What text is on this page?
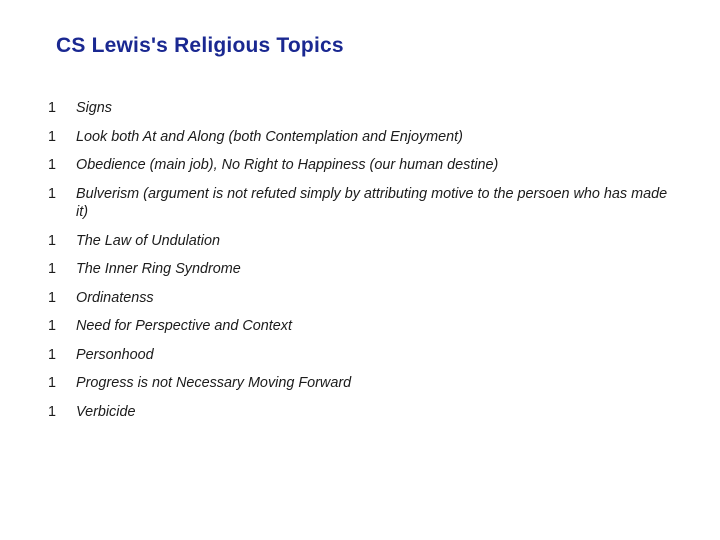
CS Lewis's Religious Topics
1	Signs
1	Look both At and Along (both Contemplation and Enjoyment)
1	Obedience (main job), No Right to Happiness (our human destine)
1	Bulverism (argument is not refuted simply by attributing motive to the persoen who has made it)
1	The Law of Undulation
1	The Inner Ring Syndrome
1	Ordinatenss
1	Need for Perspective and Context
1	Personhood
1	Progress is not Necessary Moving Forward
1	Verbicide
